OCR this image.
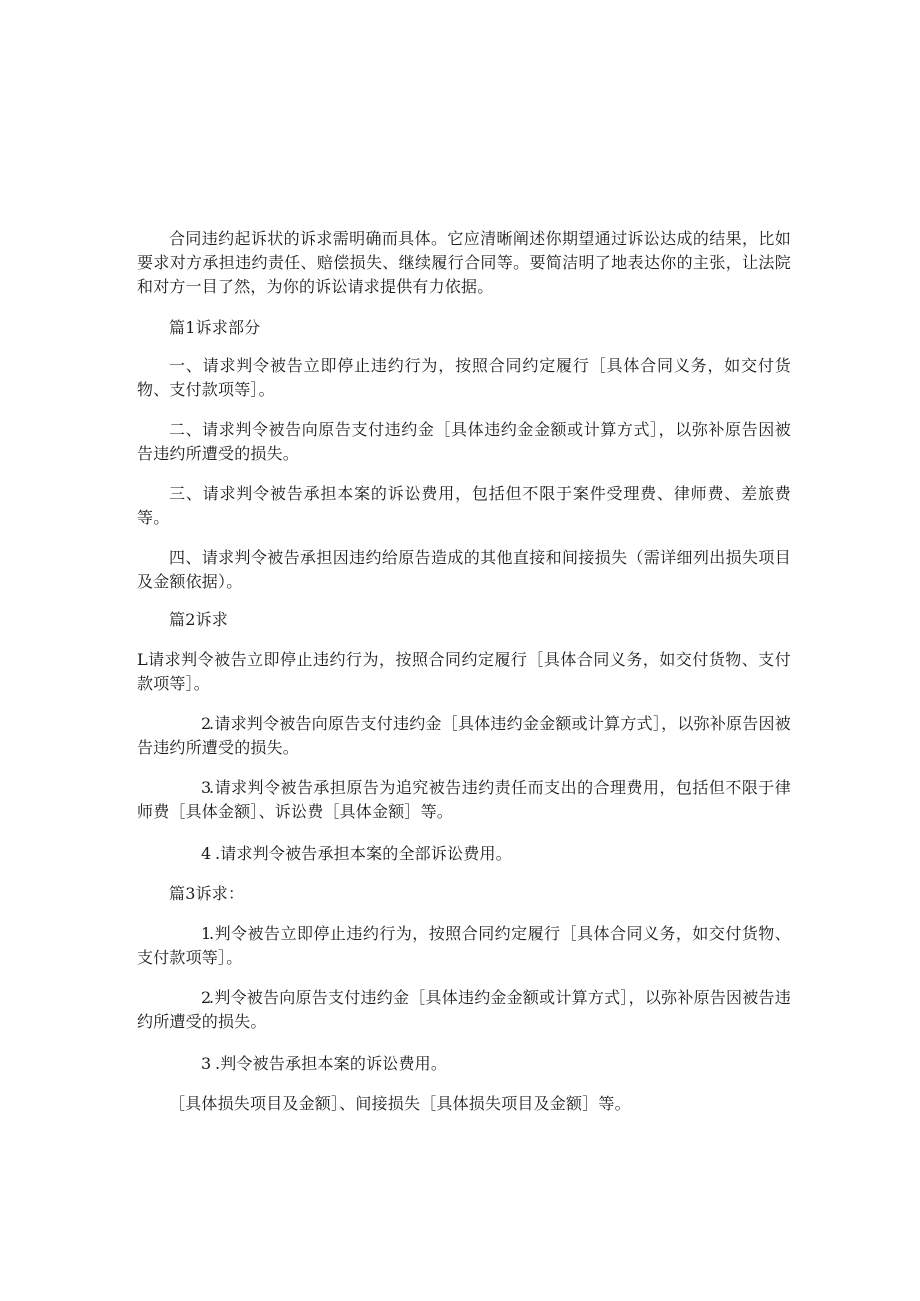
合同违约起诉状的诉求需明确而具体。它应清晰阐述你期望通过诉讼达成的结果，比如要求对方承担违约责任、赔偿损失、继续履行合同等。要简洁明了地表达你的主张，让法院和对方一目了然，为你的诉讼请求提供有力依据。

篇1诉求部分

一、请求判令被告立即停止违约行为，按照合同约定履行［具体合同义务，如交付货物、支付款项等］。

二、请求判令被告向原告支付违约金［具体违约金金额或计算方式］，以弥补原告因被告违约所遭受的损失。

三、请求判令被告承担本案的诉讼费用，包括但不限于案件受理费、律师费、差旅费等。

四、请求判令被告承担因违约给原告造成的其他直接和间接损失（需详细列出损失项目及金额依据）。

篇2诉求

L请求判令被告立即停止违约行为，按照合同约定履行［具体合同义务，如交付货物、支付款项等］。

2.请求判令被告向原告支付违约金［具体违约金金额或计算方式］，以弥补原告因被告违约所遭受的损失。

3.请求判令被告承担原告为追究被告违约责任而支出的合理费用，包括但不限于律师费［具体金额］、诉讼费［具体金额］等。

4 .请求判令被告承担本案的全部诉讼费用。

篇3诉求：

1.判令被告立即停止违约行为，按照合同约定履行［具体合同义务，如交付货物、支付款项等］。

2.判令被告向原告支付违约金［具体违约金金额或计算方式］，以弥补原告因被告违约所遭受的损失。

3 .判令被告承担本案的诉讼费用。

［具体损失项目及金额］、间接损失［具体损失项目及金额］等。
